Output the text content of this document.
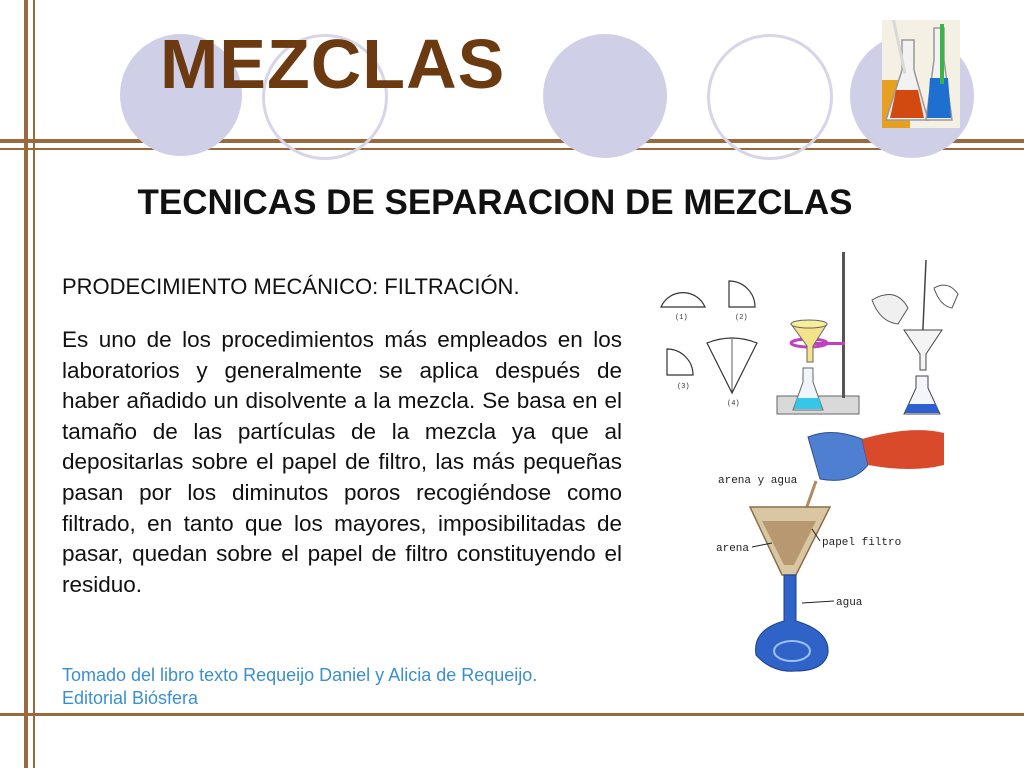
MEZCLAS
TECNICAS DE SEPARACION DE MEZCLAS
PRODECIMIENTO MECÁNICO: FILTRACIÓN.
Es uno de los procedimientos más empleados en los laboratorios y generalmente se aplica después de haber añadido un disolvente a la mezcla. Se basa en el tamaño de las partículas de la mezcla ya que al depositarlas sobre el papel de filtro, las más pequeñas pasan por los diminutos poros recogiéndose como filtrado, en tanto que los mayores, imposibilitadas de pasar, quedan sobre el papel de filtro constituyendo el residuo.
Tomado del libro texto Requeijo Daniel y Alicia de Requeijo.
Editorial Biósfera
(1)	(2)
(3)
(4)
arena y agua
arena	papel filtro
agua
